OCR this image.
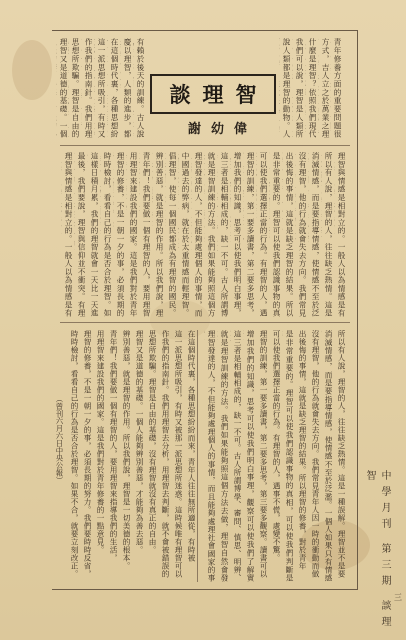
青年修養方面的重要問題很
方式，吉人立之於萬業之理
什麼是理智？依照我們現代
我們可以說，理智是人類所
說人類都是理智的動物。人
有賴於後天的訓練。古人說
慶以理智，人類的進步，都
在這個時代裏，各種思想紛
這一派思想所吸引，有時又
作我們的指南針。我們用理
思想所欺騙。理智是自由的
理智又是道德的基礎。一個
談理智
謝幼偉
理智與情感是相對立的。一般人以為情感是有
所以有人說，理智的人，往往缺乏熱情。這是
消滅情感，而是要指導情感，使情感不至於泛
沒有理智，他的行為就會失去方向。我們常見
出後悔的事情，這就是缺乏理智的結果。所以
是非常重要的。理智可以使我們認識事物的真
可以使我們選擇正當的行為。有理智的人，遇
理智的訓練，第一要多讀書，第二要多思考，
增加我們的知識，思考可以使我們明白事理，
這三者是相輔相成的，缺一不可。古人所謂博
就是理智訓練的方法。我們如果能夠照這個方
理智發達的人，不但能夠處理個人的事情，而
中國過去的弊病，就在於太重情感而輕理智。
倡理智，使每一個國民都成為有理智的國民。
辨別善惡，就是理智的作用。所以我們說，理
青年們！我們要做一個有理智的人，要用理智
用理智來建設我們的國家。這是我們對於青年
理智的修養，不是一朝一夕的事，必須長期的
時時檢討，看看自己的行為是否合於理智。如
這樣日積月累，我們的理智就會一天比一天進
最後，我們要說，理智與信仰並不衝突。有理
理智與情感是相對立的。一般人以為情感是有
所以有人說，理智的人，往往缺乏熱情。這是一種誤解。理智並不是要
消滅情感，而是要指導情感，使情感不至於泛濫。一個人如果只有情感
沒有理智，他的行為就會失去方向。我們常見青年人因一時的衝動而做
出後悔的事情，這就是缺乏理智的結果。所以理智的修養，對於青年
是非常重要的。理智可以使我們認識事物的真相，可以使我們判斷是
可以使我們選擇正當的行為。有理智的人，遇事不慌，處變不驚。
理智的訓練，第一要多讀書，第二要多思考，第三要多觀察。讀書可以
增加我們的知識，思考可以使我們明白事理，觀察可以使我們了解實
這三者是相輔相成的，缺一不可。古人所謂博學、審問、慎思、明辨、
就是理智訓練的方法。我們如果能夠照這個方法去做，理智自然會發
理智發達的人，不但能夠處理個人的事情，而且能夠處理社會國家的事
在這個時代裏，各種思想紛紛而來，青年人往往無所適從，有時被
這一派思想所吸引，有時又被那一派思想所迷惑。這時候唯有理智可以
作我們的指南針。我們用理智去分析，用理智去判斷，就不會被錯誤的
思想所欺騙。理智是自由的基礎，沒有理智就沒有真正的自由。
理智又是道德的基礎。一個人能夠辨別善惡，才能夠為善去惡。
辨別善惡，就是理智的作用。所以我們說，理智是一切美德的根本。
青年們！我們要做一個有理智的人，要用理智來指導我們的生活，
用理智來建設我們的國家。這是我們對於青年修養的一點意見。
理智的修養，不是一朝一夕的事，必須長期的努力。我們要時時反省，
時時檢討，看看自己的行為是否合於理智。如果不合，就要立刻改正。
（曾刊六月六日中央公報）
中學月刊 第三期 談理智
三
